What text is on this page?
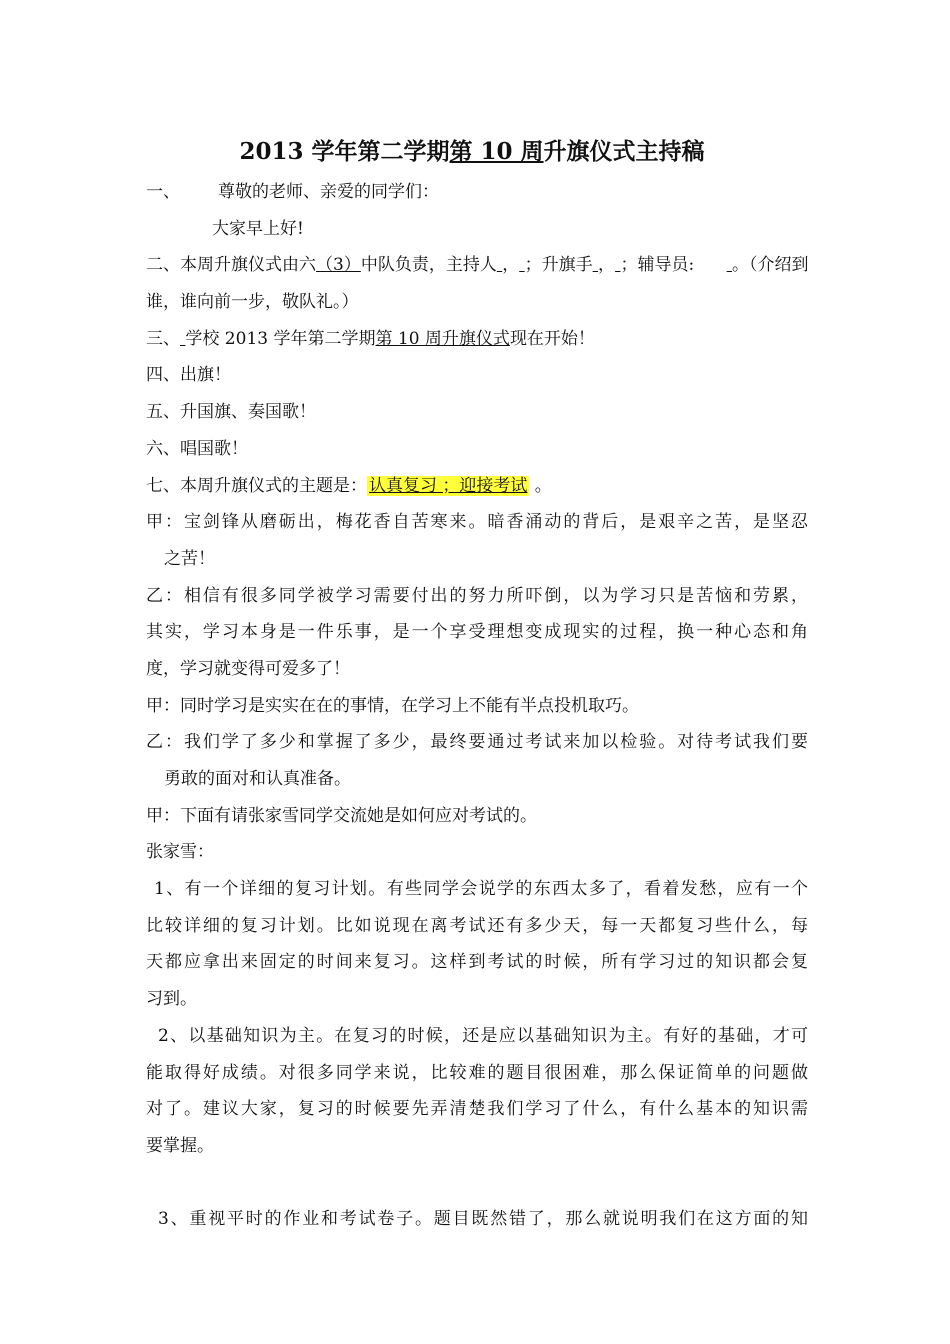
2013 学年第二学期第 10 周升旗仪式主持稿
一、 尊敬的老师、亲爱的同学们：
大家早上好!
二、本周升旗仪式由六（3）中队负责，主持人 ， ；升旗手 ， ；辅导员: 。（介绍到
谁，谁向前一步，敬队礼。）
三、 学校 2013 学年第二学期第 10 周升旗仪式现在开始！
四、出旗！
五、升国旗、奏国歌！
六、唱国歌！
七、本周升旗仪式的主题是： 认真复习 ；迎接考试 。
甲：宝剑锋从磨砺出，梅花香自苦寒来。暗香涌动的背后，是艰辛之苦，是坚忍
之苦！
乙：相信有很多同学被学习需要付出的努力所吓倒，以为学习只是苦恼和劳累，
其实，学习本身是一件乐事，是一个享受理想变成现实的过程，换一种心态和角
度，学习就变得可爱多了！
甲：同时学习是实实在在的事情，在学习上不能有半点投机取巧。
乙：我们学了多少和掌握了多少，最终要通过考试来加以检验。对待考试我们要
勇敢的面对和认真准备。
甲：下面有请张家雪同学交流她是如何应对考试的。
张家雪：
1、有一个详细的复习计划。有些同学会说学的东西太多了，看着发愁，应有一个
比较详细的复习计划。比如说现在离考试还有多少天，每一天都复习些什么，每
天都应拿出来固定的时间来复习。这样到考试的时候，所有学习过的知识都会复
习到。
2、以基础知识为主。在复习的时候，还是应以基础知识为主。有好的基础，才可
能取得好成绩。对很多同学来说，比较难的题目很困难，那么保证简单的问题做
对了。建议大家，复习的时候要先弄清楚我们学习了什么，有什么基本的知识需
要掌握。
3、重视平时的作业和考试卷子。题目既然错了，那么就说明我们在这方面的知
